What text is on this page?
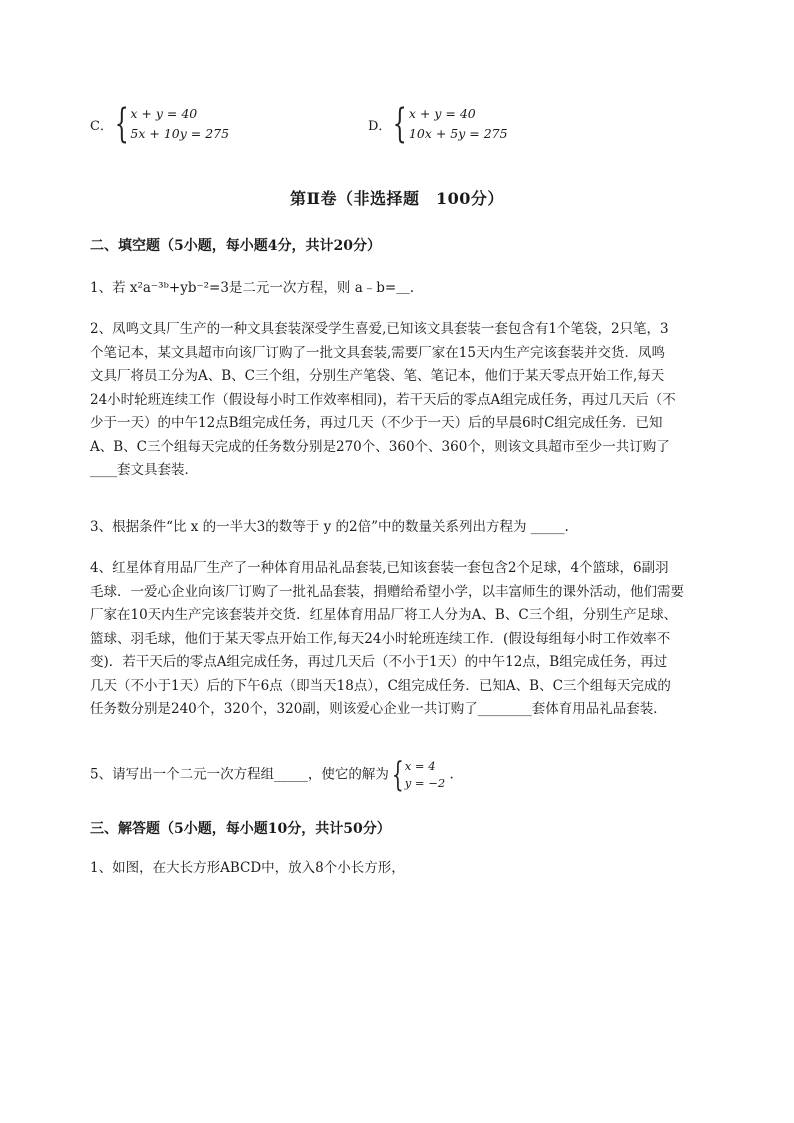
C． { x + y = 40
5x + 10y = 275	D． { x + y = 40
10x + 5y = 275
第Ⅱ卷（非选择题　100分）
二、填空题（5小题，每小题4分，共计20分）
1、若 x²a⁻³ᵇ+yb⁻²=3是二元一次方程，则 a﹣b=＿.
2、凤鸣文具厂生产的一种文具套装深受学生喜爱,已知该文具套装一套包含有1个笔袋，2只笔，3
个笔记本，某文具超市向该厂订购了一批文具套装,需要厂家在15天内生产完该套装并交货．凤鸣
文具厂将员工分为A、B、C三个组，分别生产笔袋、笔、笔记本，他们于某天零点开始工作,每天
24小时轮班连续工作（假设每小时工作效率相同)，若干天后的零点A组完成任务，再过几天后（不
少于一天）的中午12点B组完成任务，再过几天（不少于一天）后的早晨6时C组完成任务．已知
A、B、C三个组每天完成的任务数分别是270个、360个、360个，则该文具超市至少一共订购了
____套文具套装．
3、根据条件“比 x 的一半大3的数等于 y 的2倍”中的数量关系列出方程为 _____.
4、红星体育用品厂生产了一种体育用品礼品套装,已知该套装一套包含2个足球，4个篮球，6副羽
毛球．一爱心企业向该厂订购了一批礼品套装，捐赠给希望小学，以丰富师生的课外活动，他们需要
厂家在10天内生产完该套装并交货．红星体育用品厂将工人分为A、B、C三个组，分别生产足球、
篮球、羽毛球，他们于某天零点开始工作,每天24小时轮班连续工作．(假设每组每小时工作效率不
变)．若干天后的零点A组完成任务，再过几天后（不小于1天）的中午12点，B组完成任务，再过
几天（不小于1天）后的下午6点（即当天18点），C组完成任务．已知A、B、C三个组每天完成的
任务数分别是240个，320个，320副，则该爱心企业一共订购了________套体育用品礼品套装．
5、请写出一个二元一次方程组_____，使它的解为 { x = 4
y = −2
.
三、解答题（5小题，每小题10分，共计50分）
1、如图，在大长方形ABCD中，放入8个小长方形，
